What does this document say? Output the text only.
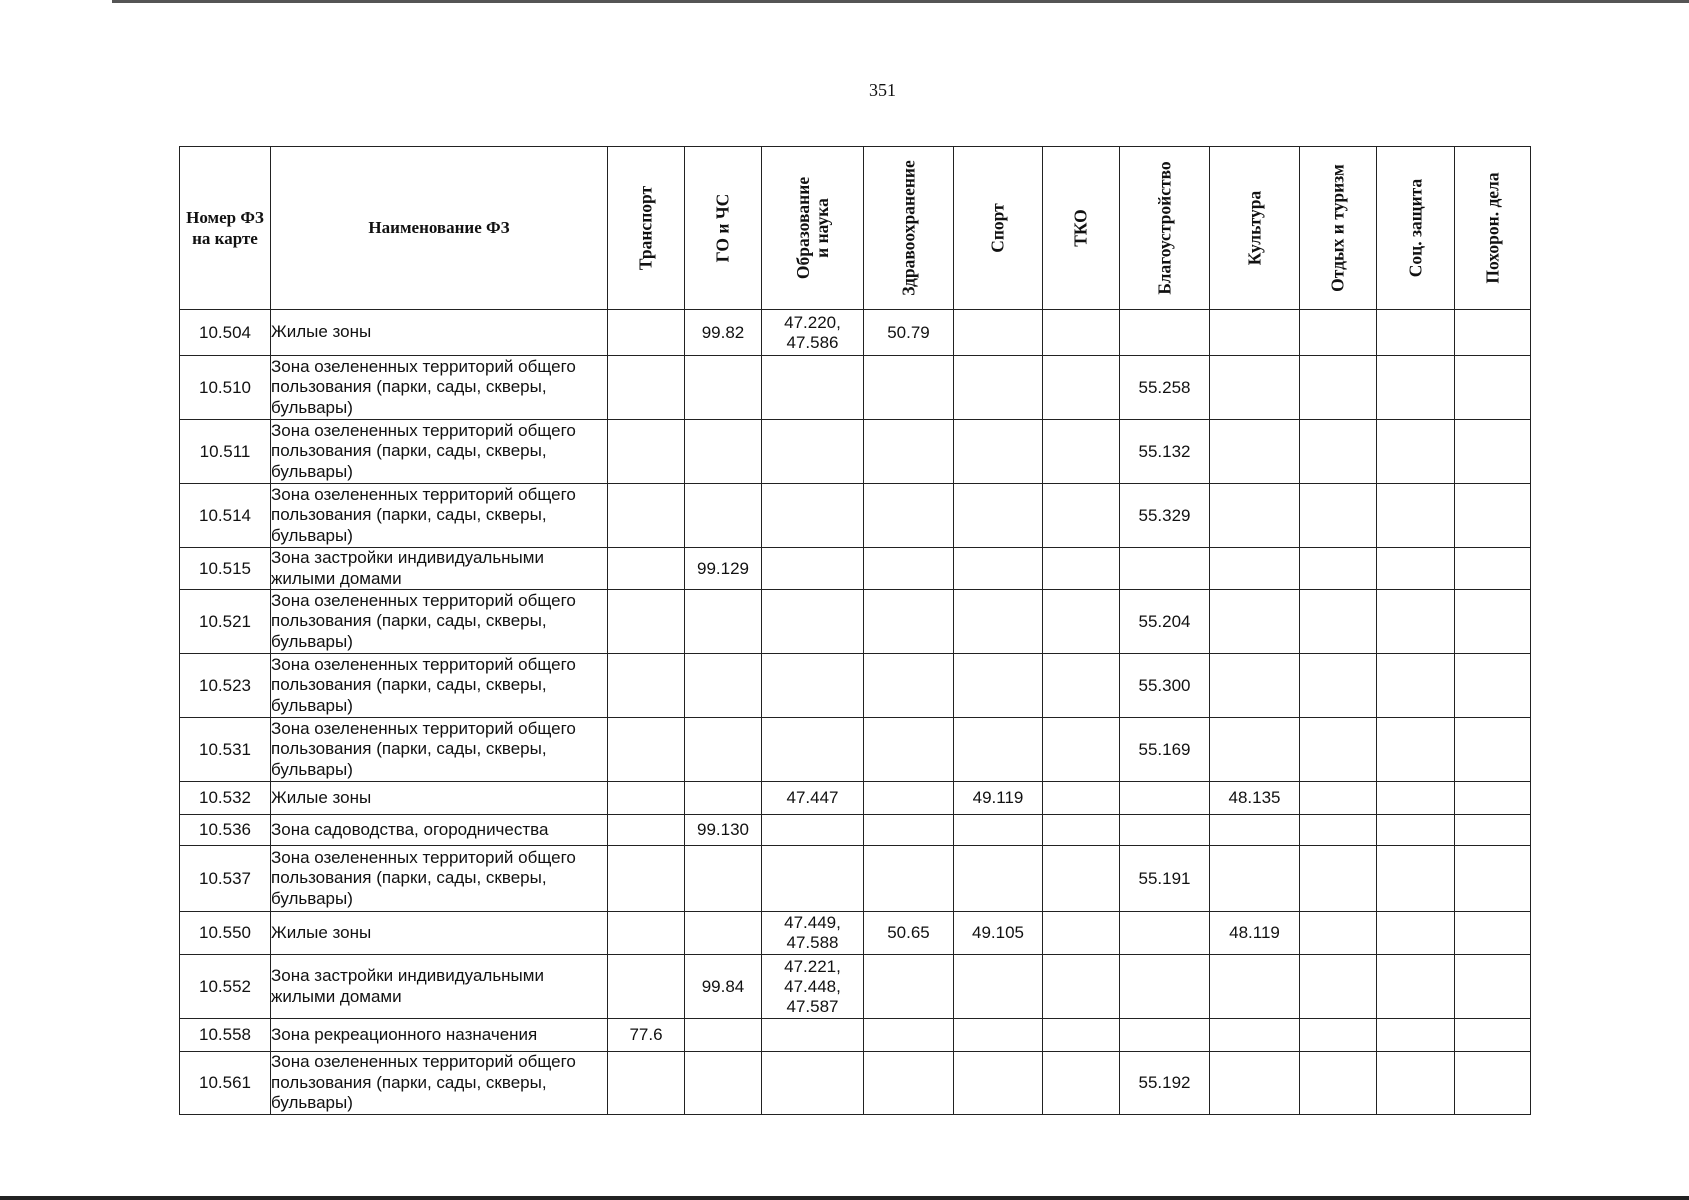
351
Номер ФЗ на карте	Наименование ФЗ	Транспорт	ГО и ЧС	Образование
и наука	Здравоохранение	Спорт	ТКО	Благоустройство	Культура	Отдых и туризм	Соц. защита	Похорон. дела

10.504	Жилые зоны		99.82	47.220,
47.586	50.79							
10.510	Зона озелененных территорий общего пользования (парки, сады, скверы, бульвары)							55.258				
10.511	Зона озелененных территорий общего пользования (парки, сады, скверы, бульвары)							55.132				
10.514	Зона озелененных территорий общего пользования (парки, сады, скверы, бульвары)							55.329				
10.515	Зона застройки индивидуальными жилыми домами		99.129									
10.521	Зона озелененных территорий общего пользования (парки, сады, скверы, бульвары)							55.204				
10.523	Зона озелененных территорий общего пользования (парки, сады, скверы, бульвары)							55.300				
10.531	Зона озелененных территорий общего пользования (парки, сады, скверы, бульвары)							55.169				
10.532	Жилые зоны			47.447		49.119			48.135			
10.536	Зона садоводства, огородничества		99.130									
10.537	Зона озелененных территорий общего пользования (парки, сады, скверы, бульвары)							55.191				
10.550	Жилые зоны			47.449,
47.588	50.65	49.105			48.119			
10.552	Зона застройки индивидуальными жилыми домами		99.84	47.221,
47.448,
47.587								
10.558	Зона рекреационного назначения	77.6										
10.561	Зона озелененных территорий общего пользования (парки, сады, скверы, бульвары)							55.192				
